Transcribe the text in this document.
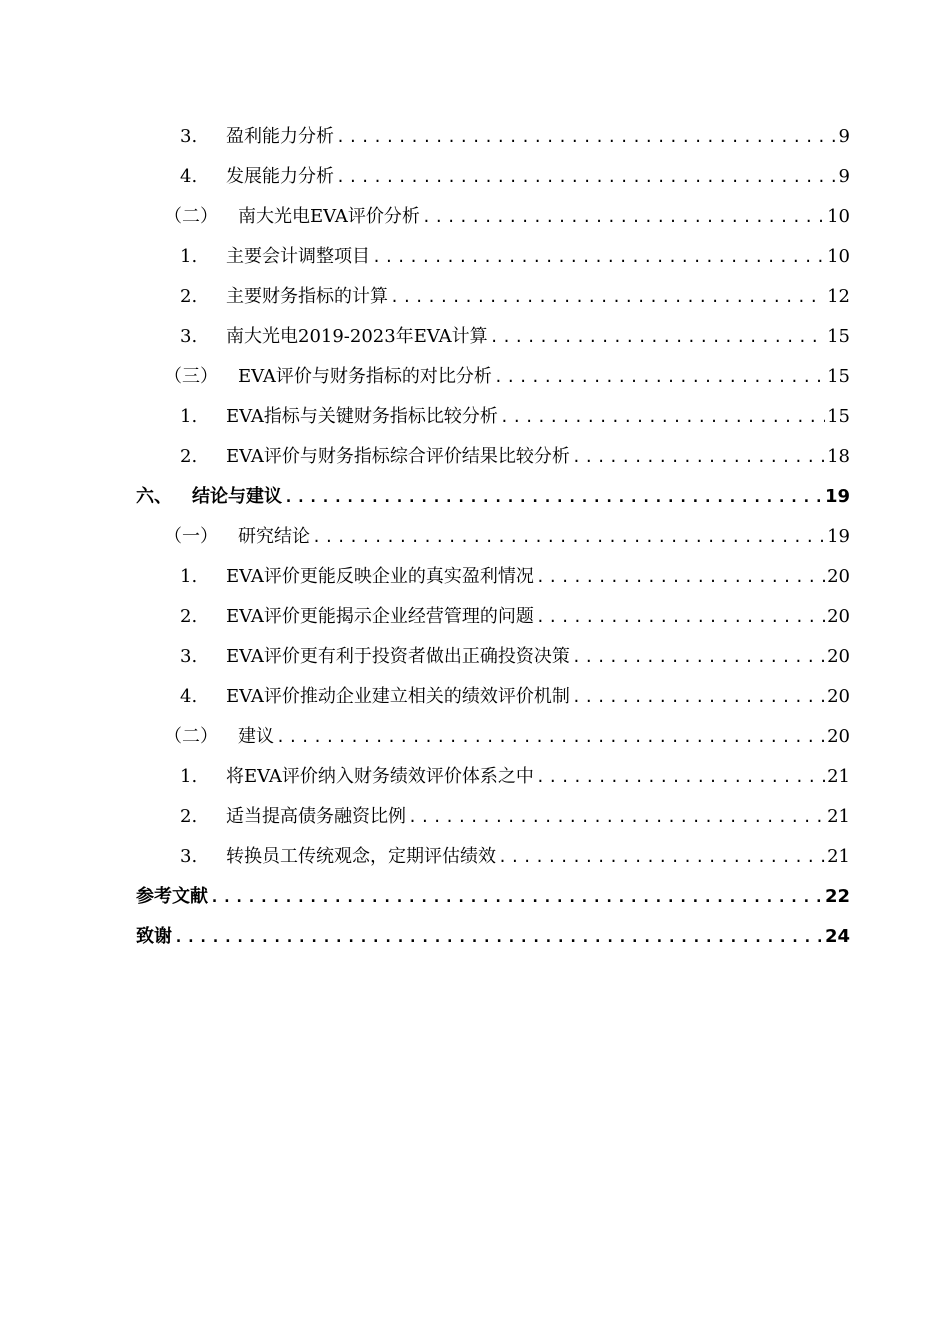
3.	盈利能力分析 .....	9
4.	发展能力分析 .....	9
（二）	南大光电EVA评价分析 .....	10
1.	主要会计调整项目 .....	10
2.	主要财务指标的计算 .....	12
3.	南大光电2019-2023年EVA计算 .....	15
（三）	EVA评价与财务指标的对比分析 .....	15
1.	EVA指标与关键财务指标比较分析 .....	15
2.	EVA评价与财务指标综合评价结果比较分析 .....	18
六、	结论与建议 .....	19
（一）	研究结论 .....	19
1.	EVA评价更能反映企业的真实盈利情况 .....	20
2.	EVA评价更能揭示企业经营管理的问题 .....	20
3.	EVA评价更有利于投资者做出正确投资决策 .....	20
4.	EVA评价推动企业建立相关的绩效评价机制 .....	20
（二）	建议 .....	20
1.	将EVA评价纳入财务绩效评价体系之中 .....	21
2.	适当提高债务融资比例 .....	21
3.	转换员工传统观念，定期评估绩效 .....	21
参考文献 .....	22
致谢 .....	24
